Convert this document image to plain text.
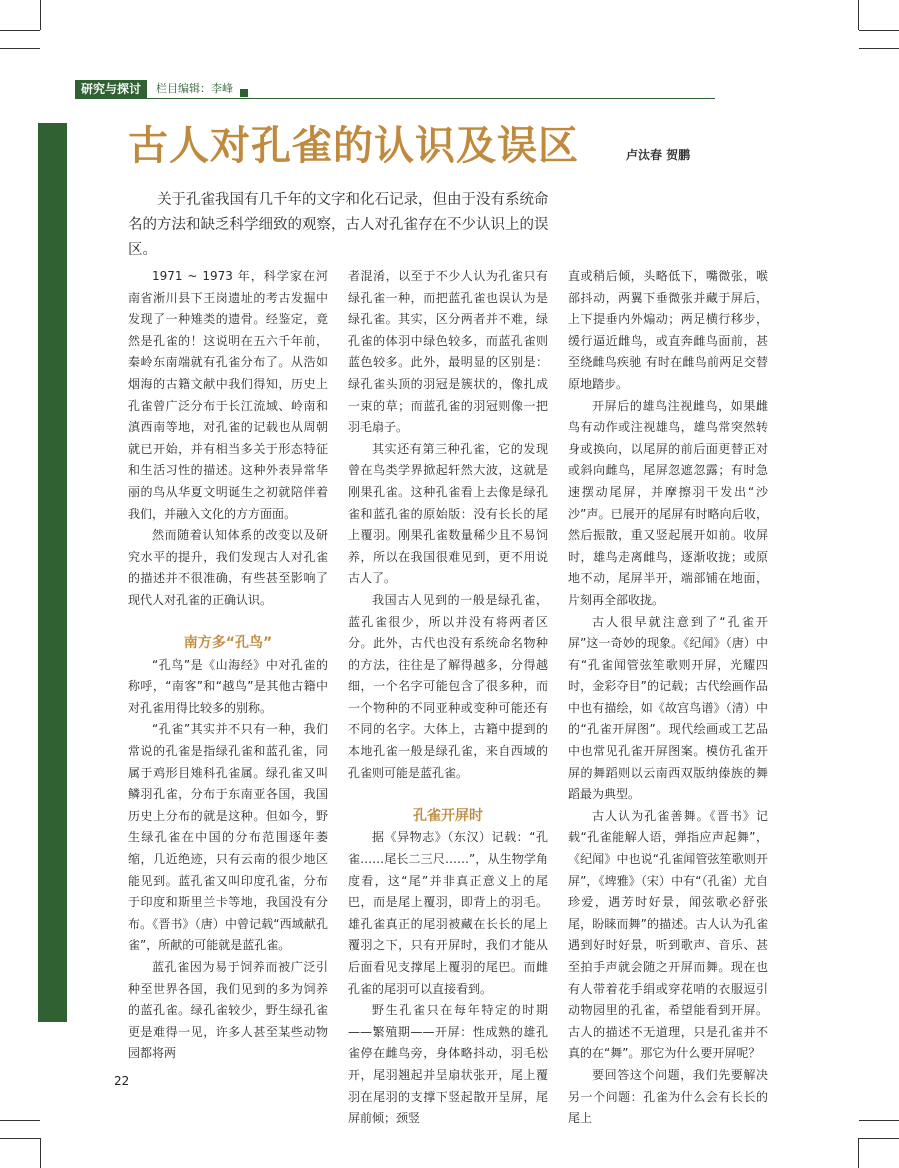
研究与探讨	栏目编辑：李峰
古人对孔雀的认识及误区	卢汰春 贺鹏

关于孔雀我国有几千年的文字和化石记录，但由于没有系统命名的方法和缺乏科学细致的观察，古人对孔雀存在不少认识上的误区。

1971 ~ 1973 年，科学家在河南省淅川县下王岗遗址的考古发掘中发现了一种雉类的遗骨。经鉴定，竟然是孔雀的！这说明在五六千年前，秦岭东南端就有孔雀分布了。从浩如烟海的古籍文献中我们得知，历史上孔雀曾广泛分布于长江流域、岭南和滇西南等地，对孔雀的记载也从周朝就已开始，并有相当多关于形态特征和生活习性的描述。这种外表异常华丽的鸟从华夏文明诞生之初就陪伴着我们，并融入文化的方方面面。

然而随着认知体系的改变以及研究水平的提升，我们发现古人对孔雀的描述并不很准确，有些甚至影响了现代人对孔雀的正确认识。

南方多“孔鸟”

“孔鸟”是《山海经》中对孔雀的称呼，“南客”和“越鸟”是其他古籍中对孔雀用得比较多的别称。

“孔雀”其实并不只有一种，我们常说的孔雀是指绿孔雀和蓝孔雀，同属于鸡形目雉科孔雀属。绿孔雀又叫鳞羽孔雀，分布于东南亚各国，我国历史上分布的就是这种。但如今，野生绿孔雀在中国的分布范围逐年萎缩，几近绝迹，只有云南的很少地区能见到。蓝孔雀又叫印度孔雀，分布于印度和斯里兰卡等地，我国没有分布。《晋书》（唐）中曾记载“西域献孔雀”，所献的可能就是蓝孔雀。

蓝孔雀因为易于饲养而被广泛引种至世界各国，我们见到的多为饲养的蓝孔雀。绿孔雀较少，野生绿孔雀更是难得一见，许多人甚至某些动物园都将两

者混淆，以至于不少人认为孔雀只有绿孔雀一种，而把蓝孔雀也误认为是绿孔雀。其实，区分两者并不难，绿孔雀的体羽中绿色较多，而蓝孔雀则蓝色较多。此外，最明显的区别是：绿孔雀头顶的羽冠是簇状的，像扎成一束的草；而蓝孔雀的羽冠则像一把羽毛扇子。

其实还有第三种孔雀，它的发现曾在鸟类学界掀起轩然大波，这就是刚果孔雀。这种孔雀看上去像是绿孔雀和蓝孔雀的原始版：没有长长的尾上覆羽。刚果孔雀数量稀少且不易饲养，所以在我国很难见到，更不用说古人了。

我国古人见到的一般是绿孔雀，蓝孔雀很少，所以并没有将两者区分。此外，古代也没有系统命名物种的方法，往往是了解得越多，分得越细，一个名字可能包含了很多种，而一个物种的不同亚种或变种可能还有不同的名字。大体上，古籍中提到的本地孔雀一般是绿孔雀，来自西域的孔雀则可能是蓝孔雀。

孔雀开屏时

据《异物志》（东汉）记载：“孔雀……尾长二三尺……”，从生物学角度看，这“尾”并非真正意义上的尾巴，而是尾上覆羽，即背上的羽毛。雄孔雀真正的尾羽被藏在长长的尾上覆羽之下，只有开屏时，我们才能从后面看见支撑尾上覆羽的尾巴。而雌孔雀的尾羽可以直接看到。

野生孔雀只在每年特定的时期——繁殖期——开屏：性成熟的雄孔雀停在雌鸟旁，身体略抖动，羽毛松开，尾羽翘起并呈扇状张开，尾上覆羽在尾羽的支撑下竖起散开呈屏，尾屏前倾；颈竖

直或稍后倾，头略低下，嘴微张，喉部抖动，两翼下垂微张并藏于屏后，上下提垂内外煽动；两足横行移步，缓行逼近雌鸟，或直奔雌鸟面前，甚至绕雌鸟疾驰 有时在雌鸟前两足交替原地踏步。

开屏后的雄鸟注视雌鸟，如果雌鸟有动作或注视雄鸟，雄鸟常突然转身或换向，以尾屏的前后面更替正对或斜向雌鸟，尾屏忽遮忽露；有时急速摆动尾屏，并摩擦羽干发出“沙沙”声。已展开的尾屏有时略向后收，然后振散，重又竖起展开如前。收屏时，雄鸟走离雌鸟，逐渐收拢；或原地不动，尾屏半开，端部铺在地面，片刻再全部收拢。

古人很早就注意到了“孔雀开屏”这一奇妙的现象。《纪闻》（唐）中有“孔雀闻管弦笙歌则开屏，光耀四时，金彩夺目”的记载；古代绘画作品中也有描绘，如《故宫鸟谱》（清）中的“孔雀开屏图”。现代绘画或工艺品中也常见孔雀开屏图案。模仿孔雀开屏的舞蹈则以云南西双版纳傣族的舞蹈最为典型。

古人认为孔雀善舞。《晋书》记载“孔雀能解人语，弹指应声起舞”，《纪闻》中也说“孔雀闻管弦笙歌则开屏”，《埤雅》（宋）中有“（孔雀）尤自珍爱，遇芳时好景，闻弦歌必舒张尾，盼睐而舞”的描述。古人认为孔雀遇到好时好景，听到歌声、音乐、甚至拍手声就会随之开屏而舞。现在也有人带着花手绢或穿花哨的衣服逗引动物园里的孔雀，希望能看到开屏。古人的描述不无道理，只是孔雀并不真的在“舞”。那它为什么要开屏呢？

要回答这个问题，我们先要解决另一个问题：孔雀为什么会有长长的尾上

22
